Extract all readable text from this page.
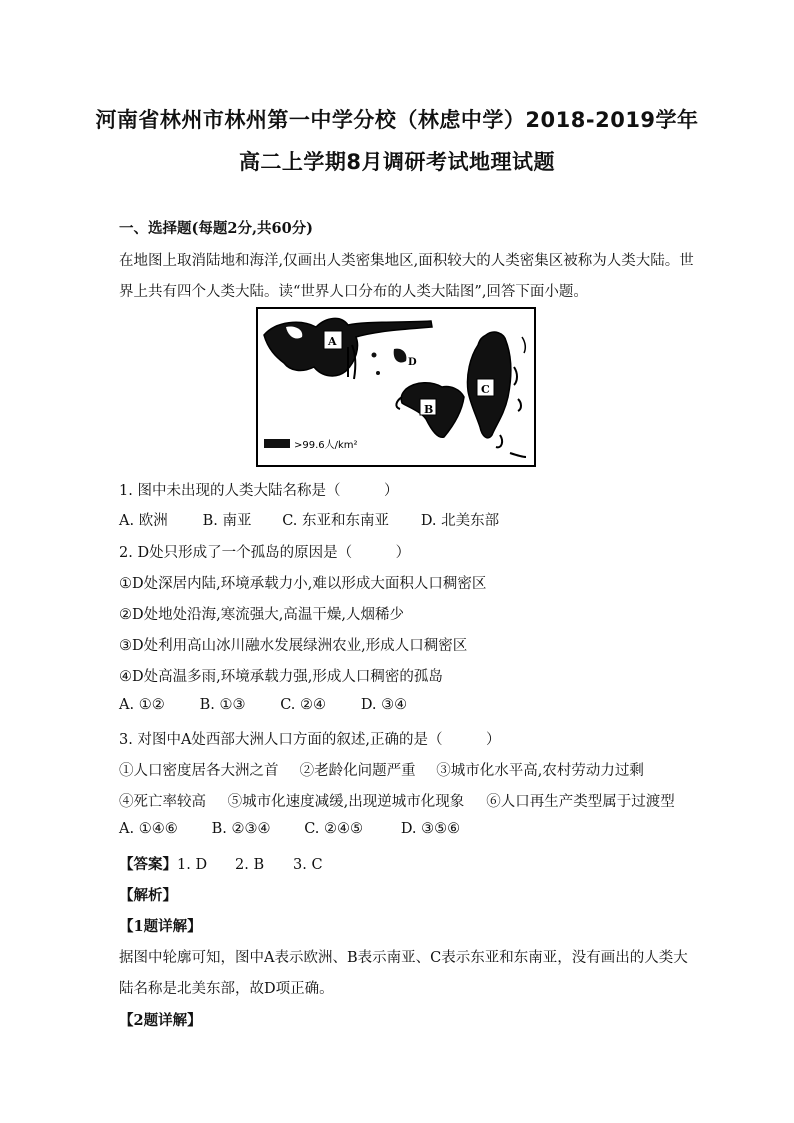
河南省林州市林州第一中学分校（林虑中学）2018-2019学年
高二上学期8月调研考试地理试题
一、选择题(每题2分,共60分)
在地图上取消陆地和海洋,仅画出人类密集地区,面积较大的人类密集区被称为人类大陆。世
界上共有四个人类大陆。读“世界人口分布的人类大陆图”,回答下面小题。
A
B
C
D
>99.6人/km²
1. 图中未出现的人类大陆名称是（　　　）
A. 欧洲 B. 南亚 C. 东亚和东南亚 D. 北美东部
2. D处只形成了一个孤岛的原因是（　　　）
①D处深居内陆,环境承载力小,难以形成大面积人口稠密区
②D处地处沿海,寒流强大,高温干燥,人烟稀少
③D处利用高山冰川融水发展绿洲农业,形成人口稠密区
④D处高温多雨,环境承载力强,形成人口稠密的孤岛
A. ①② B. ①③ C. ②④ D. ③④
3. 对图中A处西部大洲人口方面的叙述,正确的是（　　　）
①人口密度居各大洲之首 ②老龄化问题严重 ③城市化水平高,农村劳动力过剩
④死亡率较高 ⑤城市化速度减缓,出现逆城市化现象 ⑥人口再生产类型属于过渡型
A. ①④⑥ B. ②③④ C. ②④⑤	D. ③⑤⑥
【答案】1. D 2. B 3. C
【解析】
【1题详解】
据图中轮廓可知，图中A表示欧洲、B表示南亚、C表示东亚和东南亚，没有画出的人类大
陆名称是北美东部，故D项正确。
【2题详解】
